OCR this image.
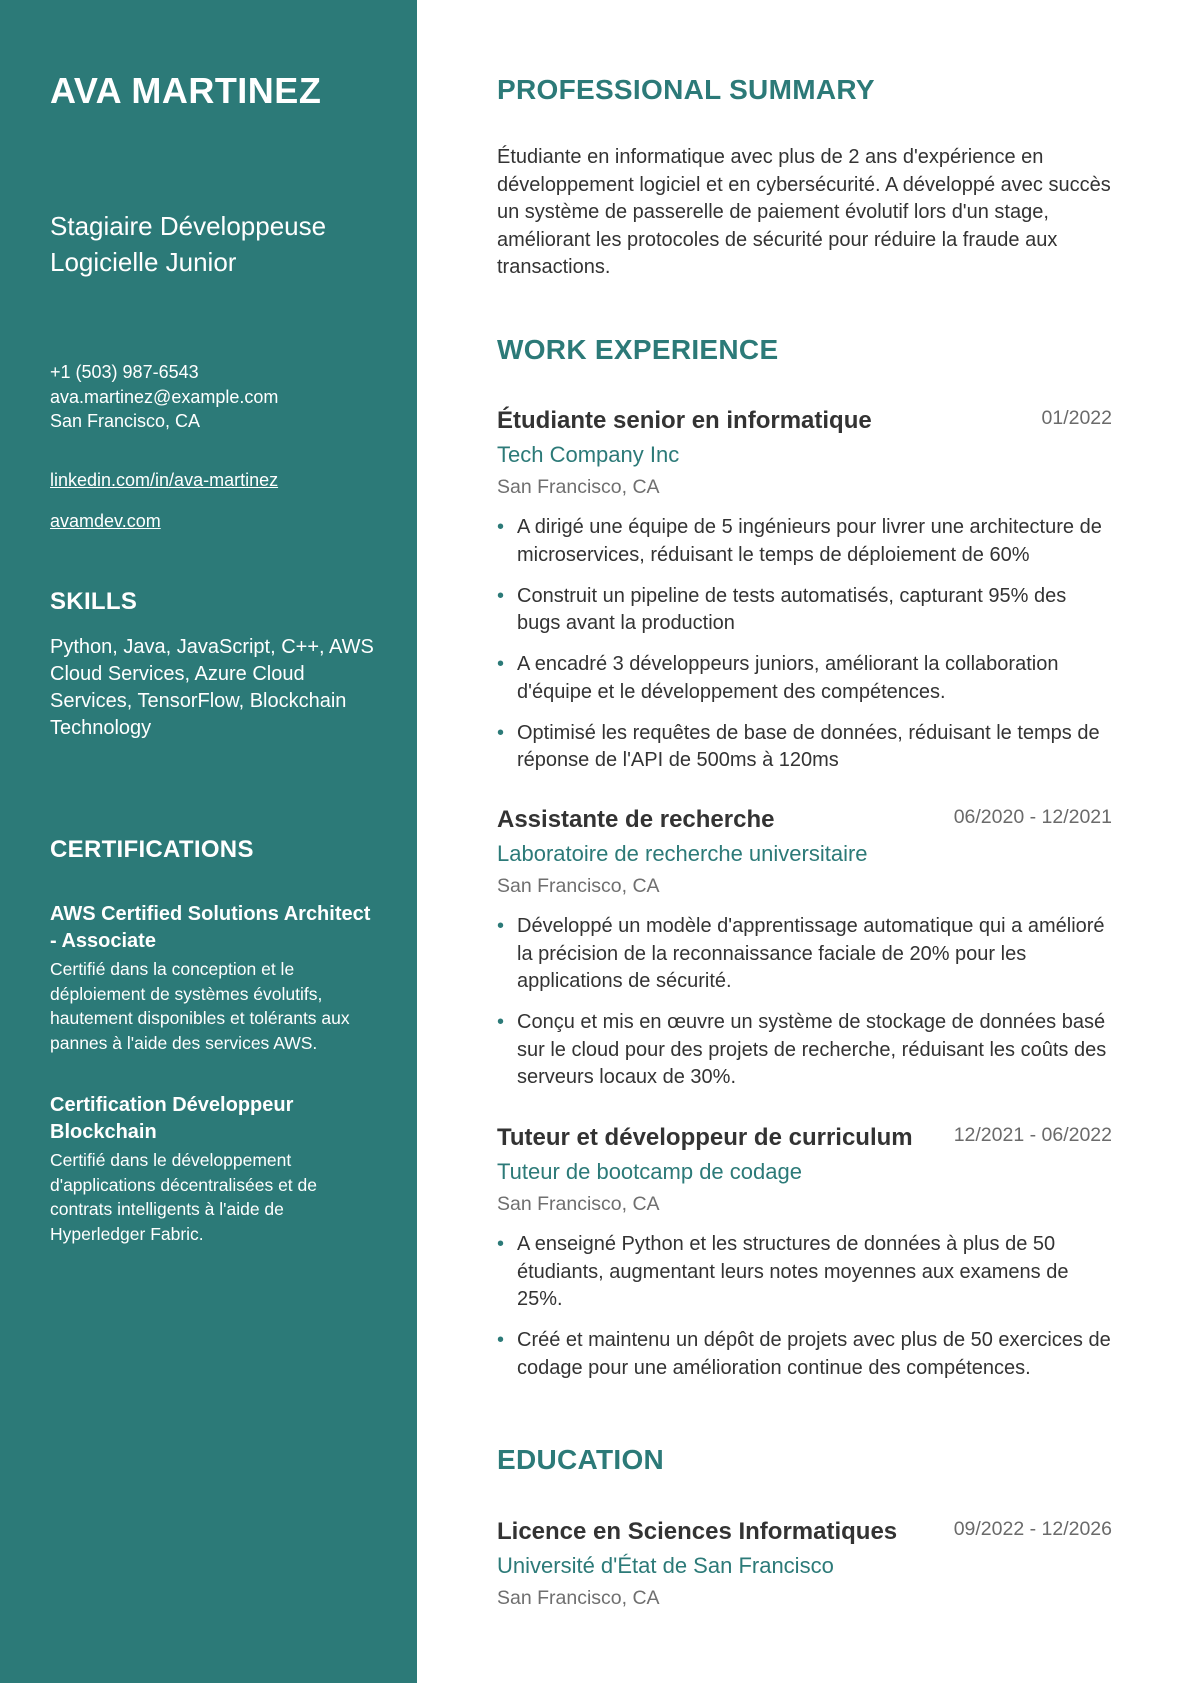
AVA MARTINEZ
Stagiaire Développeuse
Logicielle Junior
+1 (503) 987-6543
ava.martinez@example.com
San Francisco, CA
linkedin.com/in/ava-martinez
avamdev.com
SKILLS
Python, Java, JavaScript, C++, AWS Cloud Services, Azure Cloud Services, TensorFlow, Blockchain Technology
CERTIFICATIONS
AWS Certified Solutions Architect - Associate
Certifié dans la conception et le déploiement de systèmes évolutifs, hautement disponibles et tolérants aux pannes à l'aide des services AWS.
Certification Développeur Blockchain
Certifié dans le développement d'applications décentralisées et de contrats intelligents à l'aide de Hyperledger Fabric.
PROFESSIONAL SUMMARY

Étudiante en informatique avec plus de 2 ans d'expérience en développement logiciel et en cybersécurité. A développé avec succès un système de passerelle de paiement évolutif lors d'un stage, améliorant les protocoles de sécurité pour réduire la fraude aux transactions.

WORK EXPERIENCE
Étudiante senior en informatique	01/2022
Tech Company Inc
San Francisco, CA
• A dirigé une équipe de 5 ingénieurs pour livrer une architecture de microservices, réduisant le temps de déploiement de 60%
• Construit un pipeline de tests automatisés, capturant 95% des bugs avant la production
• A encadré 3 développeurs juniors, améliorant la collaboration d'équipe et le développement des compétences.
• Optimisé les requêtes de base de données, réduisant le temps de réponse de l'API de 500ms à 120ms
Assistante de recherche	06/2020 - 12/2021
Laboratoire de recherche universitaire
San Francisco, CA
• Développé un modèle d'apprentissage automatique qui a amélioré la précision de la reconnaissance faciale de 20% pour les applications de sécurité.
• Conçu et mis en œuvre un système de stockage de données basé sur le cloud pour des projets de recherche, réduisant les coûts des serveurs locaux de 30%.
Tuteur et développeur de curriculum	12/2021 - 06/2022
Tuteur de bootcamp de codage
San Francisco, CA
• A enseigné Python et les structures de données à plus de 50 étudiants, augmentant leurs notes moyennes aux examens de 25%.
• Créé et maintenu un dépôt de projets avec plus de 50 exercices de codage pour une amélioration continue des compétences.
EDUCATION
Licence en Sciences Informatiques	09/2022 - 12/2026
Université d'État de San Francisco
San Francisco, CA
